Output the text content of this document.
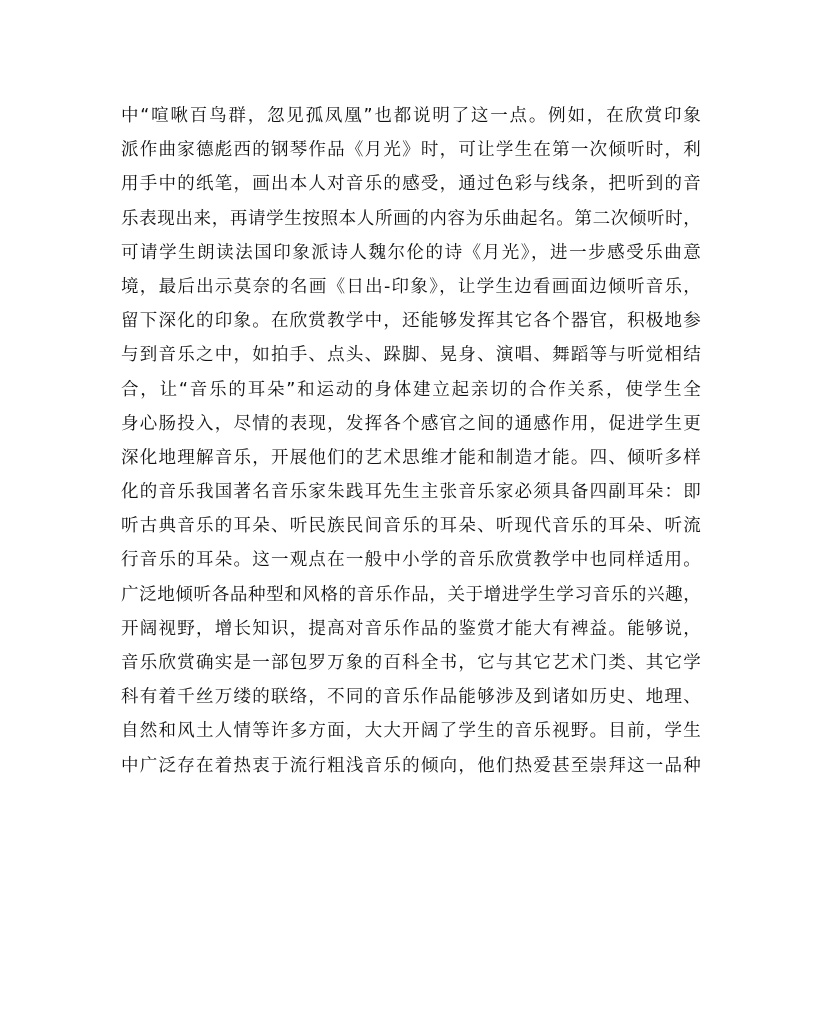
中“喧啾百鸟群，忽见孤凤凰”也都说明了这一点。例如，在欣赏印象
派作曲家德彪西的钢琴作品《月光》时，可让学生在第一次倾听时，利
用手中的纸笔，画出本人对音乐的感受，通过色彩与线条，把听到的音
乐表现出来，再请学生按照本人所画的内容为乐曲起名。第二次倾听时，
可请学生朗读法国印象派诗人魏尔伦的诗《月光》，进一步感受乐曲意
境，最后出示莫奈的名画《日出-印象》，让学生边看画面边倾听音乐，
留下深化的印象。在欣赏教学中，还能够发挥其它各个器官，积极地参
与到音乐之中，如拍手、点头、跺脚、晃身、演唱、舞蹈等与听觉相结
合，让“音乐的耳朵”和运动的身体建立起亲切的合作关系，使学生全
身心肠投入，尽情的表现，发挥各个感官之间的通感作用，促进学生更
深化地理解音乐，开展他们的艺术思维才能和制造才能。四、倾听多样
化的音乐我国著名音乐家朱践耳先生主张音乐家必须具备四副耳朵：即
听古典音乐的耳朵、听民族民间音乐的耳朵、听现代音乐的耳朵、听流
行音乐的耳朵。这一观点在一般中小学的音乐欣赏教学中也同样适用。
广泛地倾听各品种型和风格的音乐作品，关于增进学生学习音乐的兴趣，
开阔视野，增长知识，提高对音乐作品的鉴赏才能大有裨益。能够说，
音乐欣赏确实是一部包罗万象的百科全书，它与其它艺术门类、其它学
科有着千丝万缕的联络，不同的音乐作品能够涉及到诸如历史、地理、
自然和风土人情等许多方面，大大开阔了学生的音乐视野。目前，学生
中广泛存在着热衷于流行粗浅音乐的倾向，他们热爱甚至崇拜这一品种
